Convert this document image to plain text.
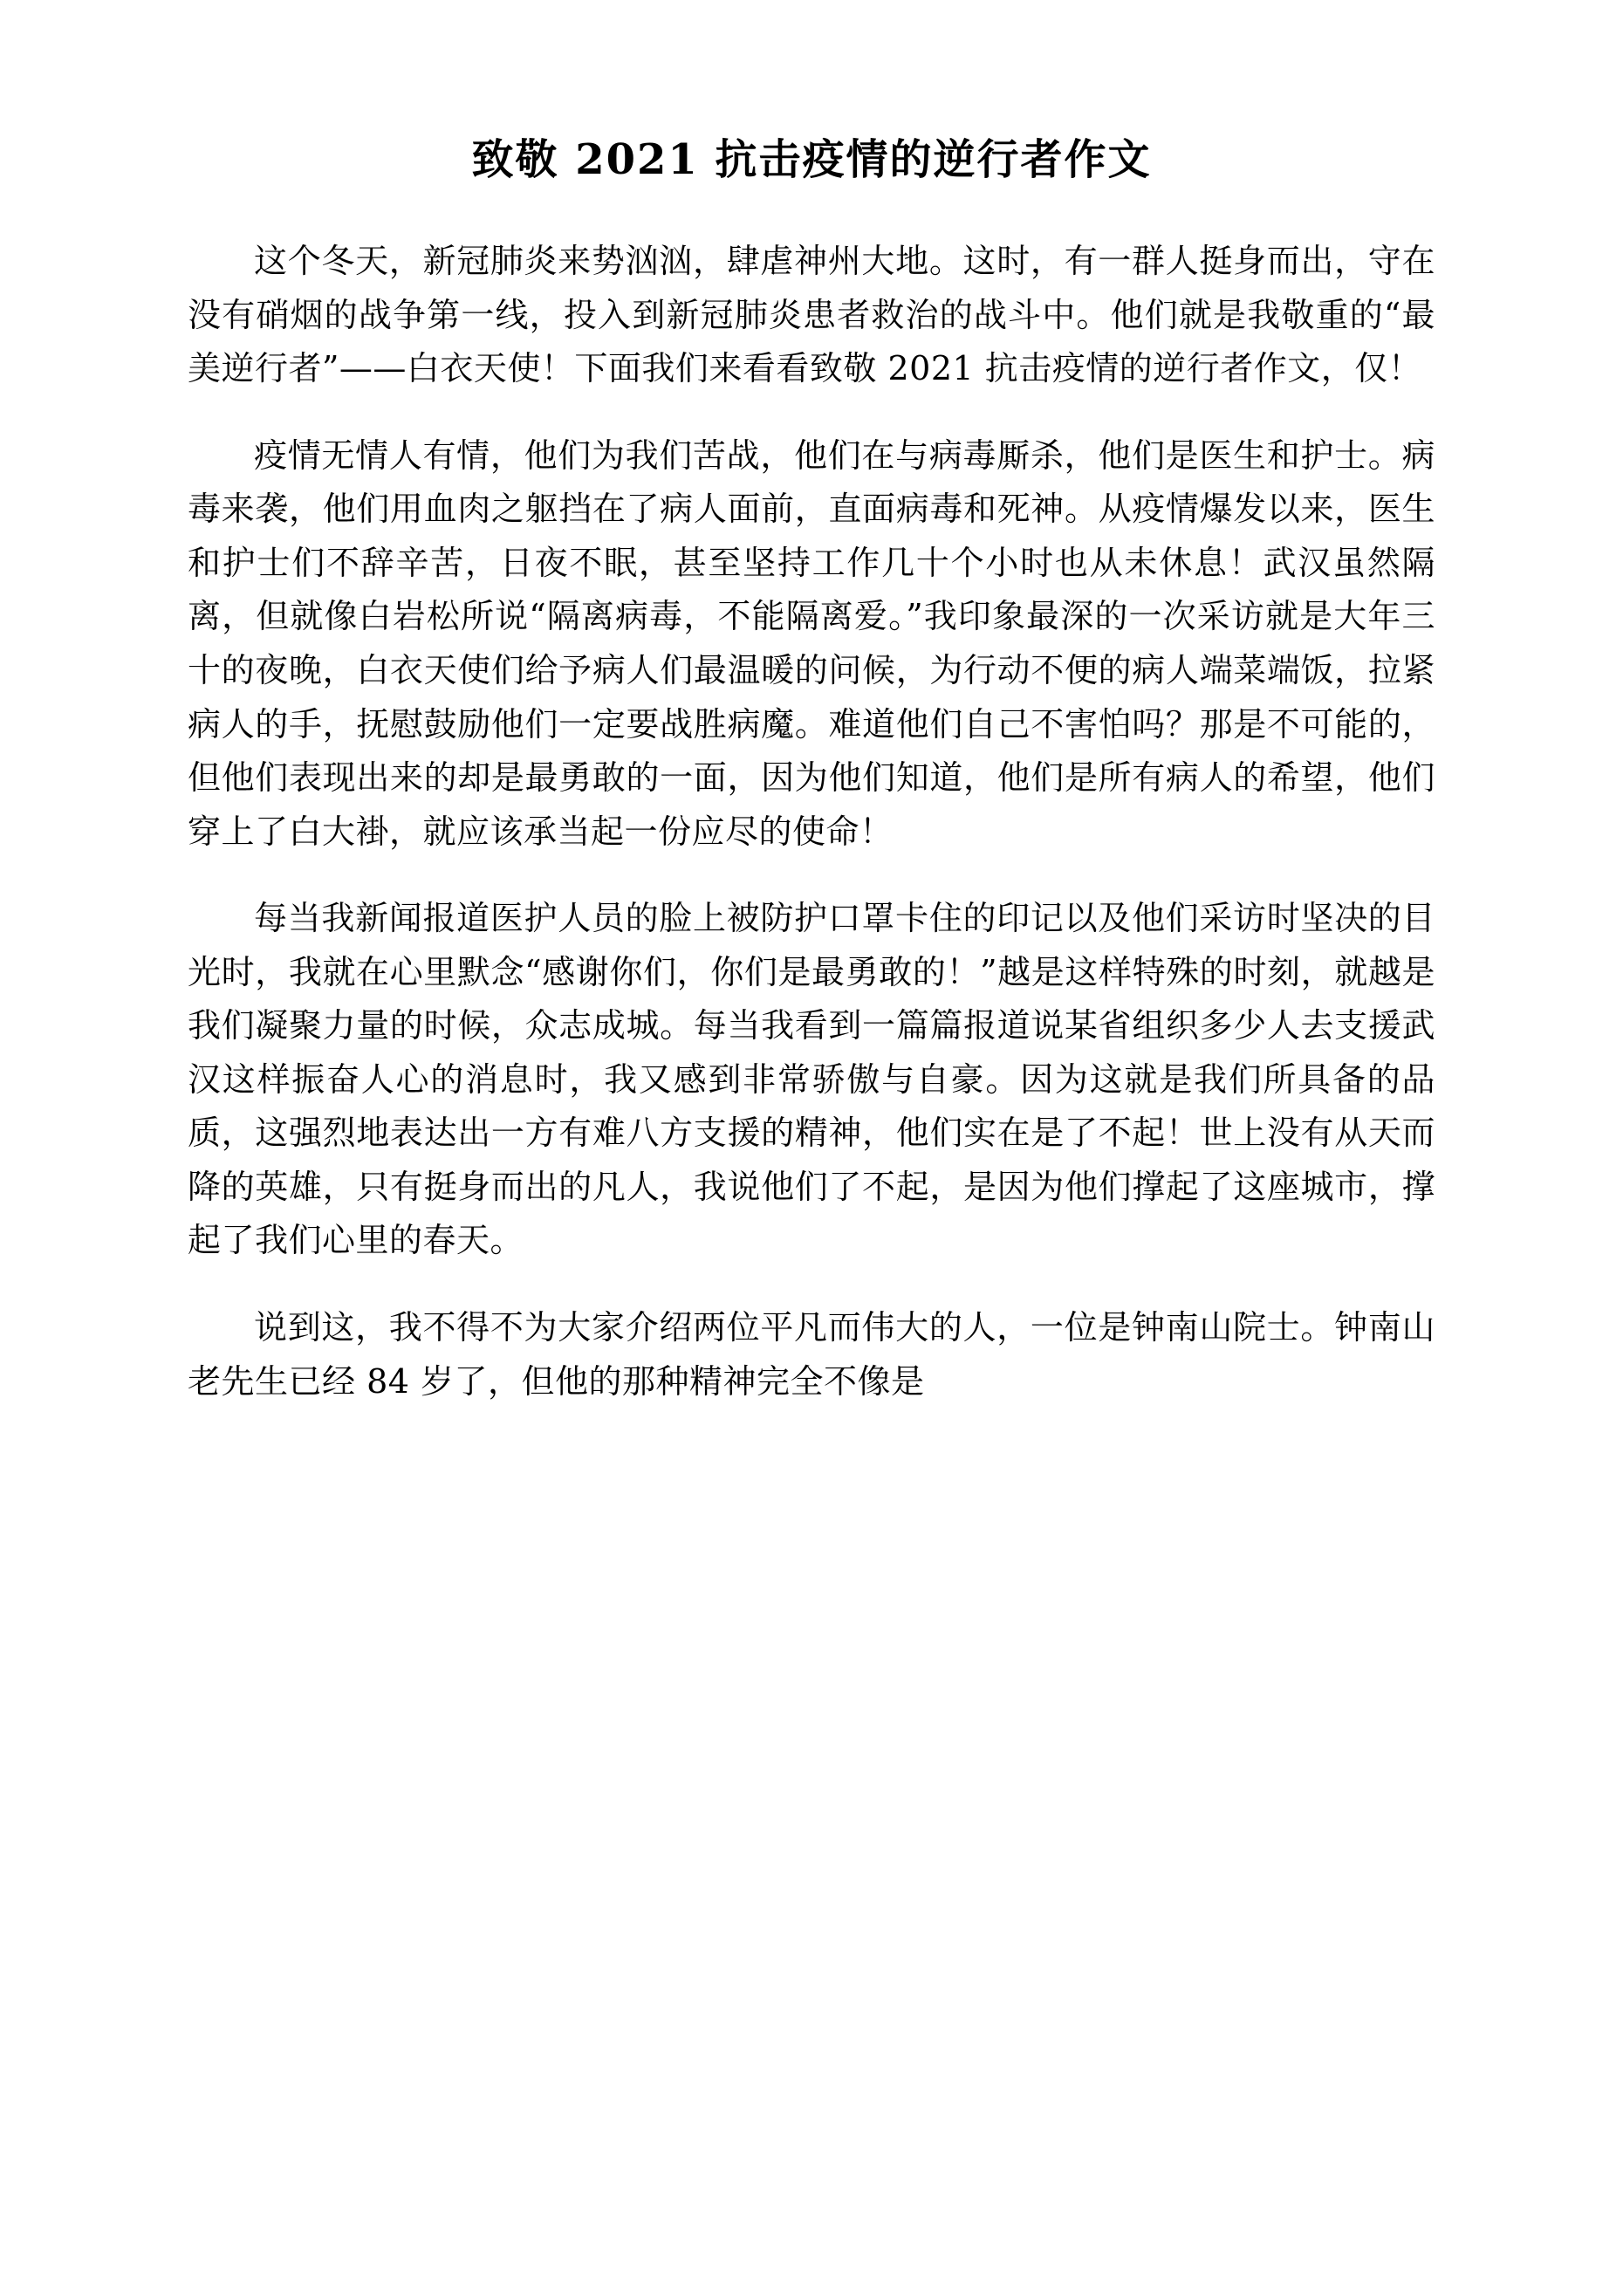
致敬 2021 抗击疫情的逆行者作文

这个冬天，新冠肺炎来势汹汹，肆虐神州大地。这时，有一群人挺身而出，守在没有硝烟的战争第一线，投入到新冠肺炎患者救治的战斗中。他们就是我敬重的“最美逆行者”——白衣天使！下面我们来看看致敬 2021 抗击疫情的逆行者作文，仅！

疫情无情人有情，他们为我们苦战，他们在与病毒厮杀，他们是医生和护士。病毒来袭，他们用血肉之躯挡在了病人面前，直面病毒和死神。从疫情爆发以来，医生和护士们不辞辛苦，日夜不眠，甚至坚持工作几十个小时也从未休息！武汉虽然隔离，但就像白岩松所说“隔离病毒，不能隔离爱。”我印象最深的一次采访就是大年三十的夜晚，白衣天使们给予病人们最温暖的问候，为行动不便的病人端菜端饭，拉紧病人的手，抚慰鼓励他们一定要战胜病魔。难道他们自己不害怕吗？那是不可能的，但他们表现出来的却是最勇敢的一面，因为他们知道，他们是所有病人的希望，他们穿上了白大褂，就应该承当起一份应尽的使命！

每当我新闻报道医护人员的脸上被防护口罩卡住的印记以及他们采访时坚决的目光时，我就在心里默念“感谢你们，你们是最勇敢的！”越是这样特殊的时刻，就越是我们凝聚力量的时候，众志成城。每当我看到一篇篇报道说某省组织多少人去支援武汉这样振奋人心的消息时，我又感到非常骄傲与自豪。因为这就是我们所具备的品质，这强烈地表达出一方有难八方支援的精神，他们实在是了不起！世上没有从天而降的英雄，只有挺身而出的凡人，我说他们了不起，是因为他们撑起了这座城市，撑起了我们心里的春天。

说到这，我不得不为大家介绍两位平凡而伟大的人，一位是钟南山院士。钟南山老先生已经 84 岁了，但他的那种精神完全不像是
